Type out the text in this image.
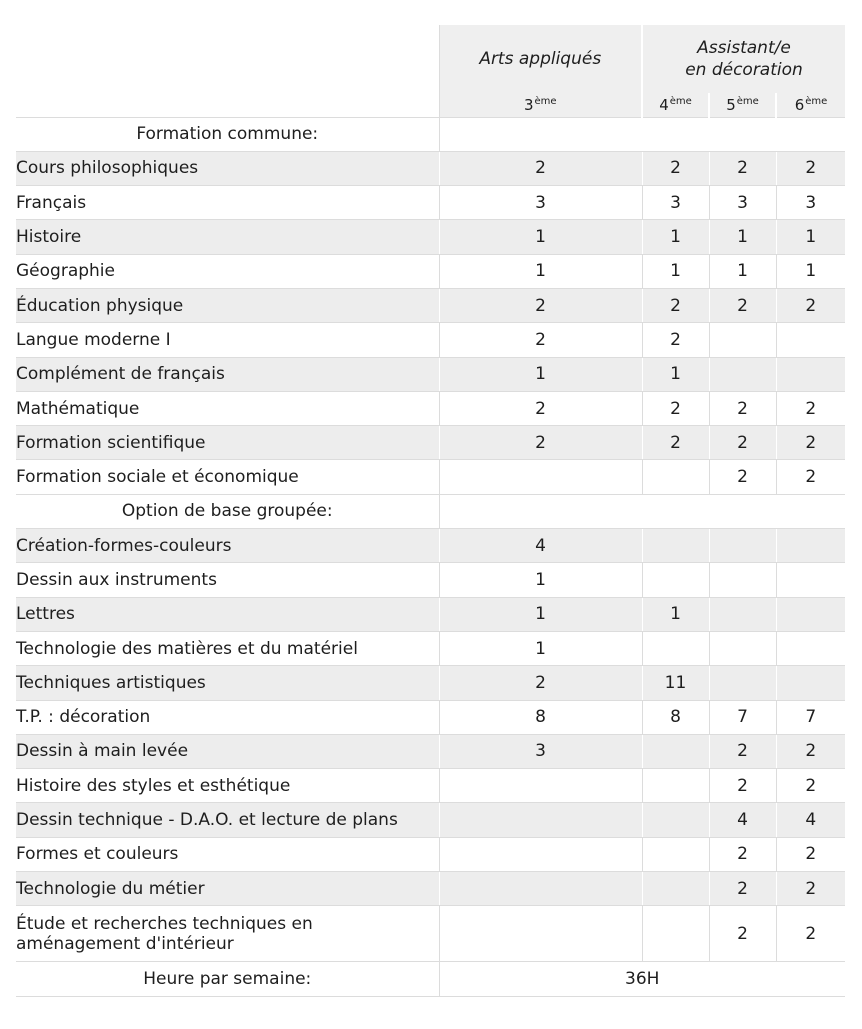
	Arts appliqués	Assistant/e
en décoration		
	3ème	4ème	5ème	6ème
Formation commune:				
Cours philosophiques	2	2	2	2
Français	3	3	3	3
Histoire	1	1	1	1
Géographie	1	1	1	1
Éducation physique	2	2	2	2
Langue moderne I	2	2		
Complément de français	1	1		
Mathématique	2	2	2	2
Formation scientifique	2	2	2	2
Formation sociale et économique			2	2
Option de base groupée:				
Création-formes-couleurs	4			
Dessin aux instruments	1			
Lettres	1	1		
Technologie des matières et du matériel	1			
Techniques artistiques	2	11		
T.P. : décoration	8	8	7	7
Dessin à main levée	3		2	2
Histoire des styles et esthétique			2	2
Dessin technique - D.A.O. et lecture de plans			4	4
Formes et couleurs			2	2
Technologie du métier			2	2
Étude et recherches techniques en aménagement d'intérieur			2	2
Heure par semaine:	36H			
